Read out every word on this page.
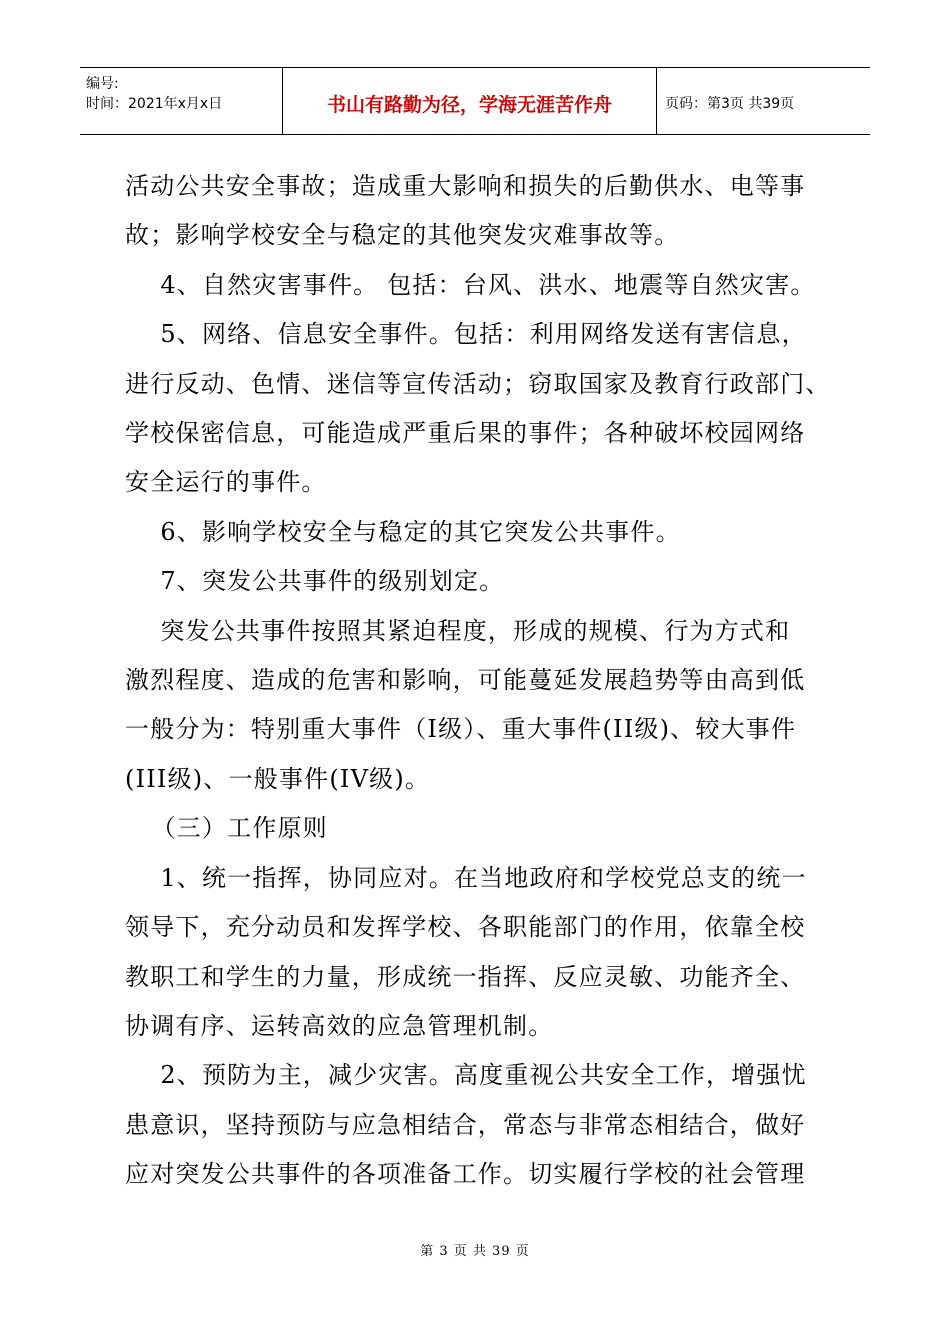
编号:
时间：2021年x月x日	书山有路勤为径，学海无涯苦作舟	页码：第3页 共39页

活动公共安全事故；造成重大影响和损失的后勤供水、电等事

故；影响学校安全与稳定的其他突发灾难事故等。

4、自然灾害事件。 包括：台风、洪水、地震等自然灾害。

5、网络、信息安全事件。包括：利用网络发送有害信息，

进行反动、色情、迷信等宣传活动；窃取国家及教育行政部门、

学校保密信息，可能造成严重后果的事件；各种破坏校园网络

安全运行的事件。

6、影响学校安全与稳定的其它突发公共事件。

7、突发公共事件的级别划定。

突发公共事件按照其紧迫程度，形成的规模、行为方式和

激烈程度、造成的危害和影响，可能蔓延发展趋势等由高到低

一般分为：特别重大事件（I级）、重大事件(II级)、较大事件

(III级)、一般事件(IV级)。

（三）工作原则

1、统一指挥，协同应对。在当地政府和学校党总支的统一

领导下，充分动员和发挥学校、各职能部门的作用，依靠全校

教职工和学生的力量，形成统一指挥、反应灵敏、功能齐全、

协调有序、运转高效的应急管理机制。

2、预防为主，减少灾害。高度重视公共安全工作，增强忧

患意识，坚持预防与应急相结合，常态与非常态相结合，做好

应对突发公共事件的各项准备工作。切实履行学校的社会管理

第 3 页 共 39 页
